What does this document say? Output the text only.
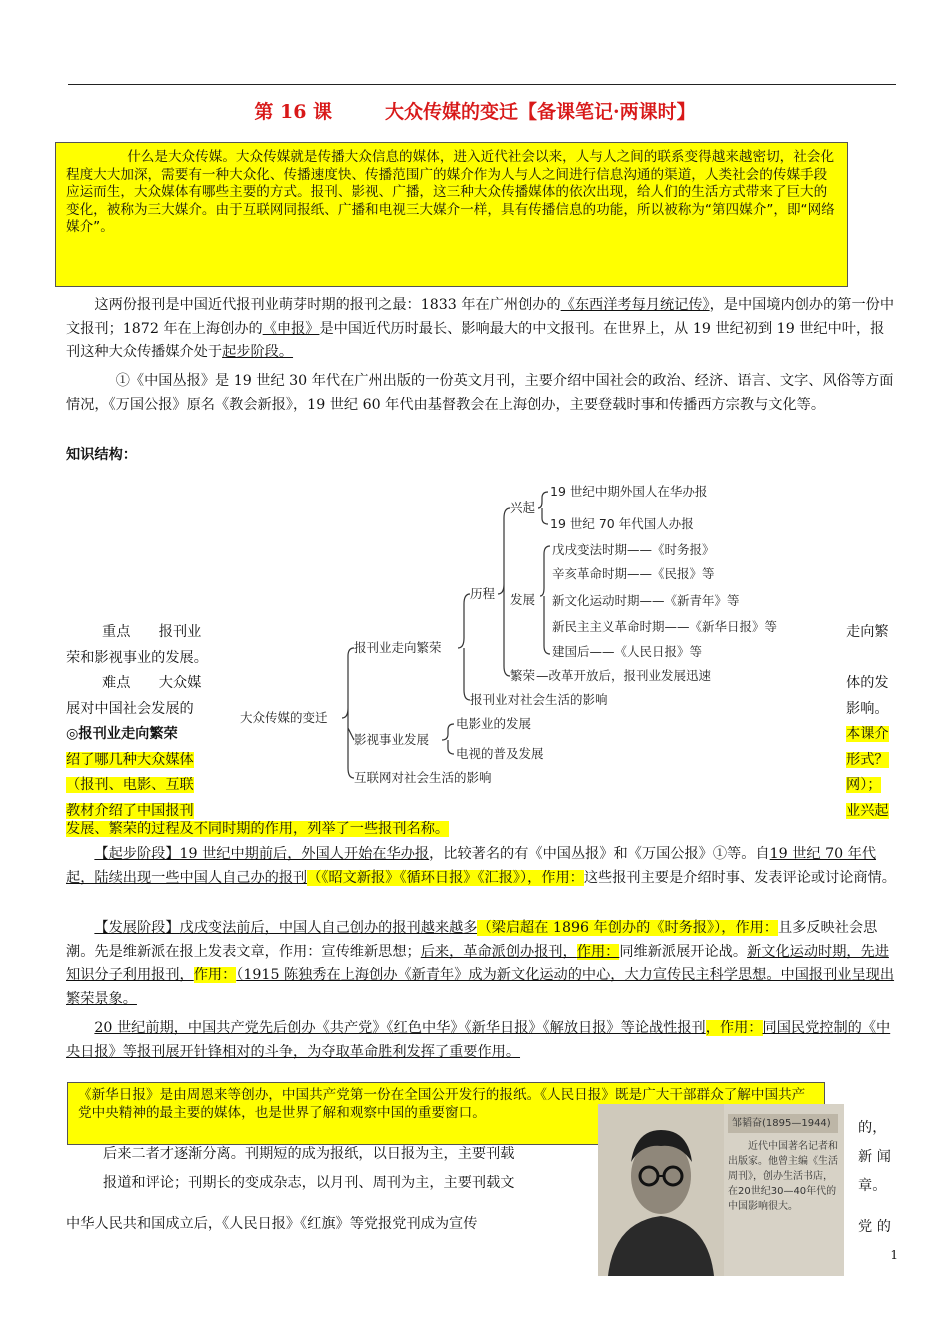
第 16 课        大众传媒的变迁【备课笔记·两课时】
什么是大众传媒。大众传媒就是传播大众信息的媒体，进入近代社会以来，人与人之间的联系变得越来越密切，社会化程度大大加深，需要有一种大众化、传播速度快、传播范围广的媒介作为人与人之间进行信息沟通的渠道，人类社会的传媒手段应运而生，大众媒体有哪些主要的方式。报刊、影视、广播，这三种大众传播媒体的依次出现，给人们的生活方式带来了巨大的变化，被称为三大媒介。由于互联网同报纸、广播和电视三大媒介一样，具有传播信息的功能，所以被称为“第四媒介”，即“网络媒介”。
这两份报刊是中国近代报刊业萌芽时期的报刊之最：1833 年在广州创办的《东西洋考每月统记传》，是中国境内创办的第一份中文报刊；1872 年在上海创办的《申报》是中国近代历时最长、影响最大的中文报刊。在世界上，从 19 世纪初到 19 世纪中叶，报刊这种大众传播媒介处于起步阶段。
①《中国丛报》是 19 世纪 30 年代在广州出版的一份英文月刊，主要介绍中国社会的政治、经济、语言、文字、风俗等方面情况，《万国公报》原名《教会新报》，19 世纪 60 年代由基督教会在上海创办，主要登载时事和传播西方宗教与文化等。
知识结构：
重点　　报刊业
荣和影视事业的发展。
难点　　大众媒
展对中国社会发展的
◎报刊业走向繁荣
绍了哪几种大众媒体
（报刊、电影、互联
教材介绍了中国报刊
走向繁
体的发
影响。
本课介
形式？
网）；
业兴起
大众传媒的变迁
报刊业走向繁荣
影视事业发展
互联网对社会生活的影响
历程
报刊业对社会生活的影响
兴起
发展
繁荣 —改革开放后，报刊业发展迅速
19 世纪中期外国人在华办报
19 世纪 70 年代国人办报
戊戌变法时期——《时务报》
辛亥革命时期——《民报》等
新文化运动时期——《新青年》等
新民主主义革命时期——《新华日报》等
建国后——《人民日报》等
电影业的发展
电视的普及发展
发展、繁荣的过程及不同时期的作用，列举了一些报刊名称。
【起步阶段】19 世纪中期前后，外国人开始在华办报，比较著名的有《中国丛报》和《万国公报》①等。自19 世纪 70 年代起，陆续出现一些中国人自己办的报刊（《昭文新报》《循环日报》《汇报》），作用：这些报刊主要是介绍时事、发表评论或讨论商情。
【发展阶段】戊戌变法前后，中国人自己创办的报刊越来越多（梁启超在 1896 年创办的《时务报》），作用：且多反映社会思潮。先是维新派在报上发表文章，作用：宣传维新思想；后来，革命派创办报刊，作用：同维新派展开论战。新文化运动时期，先进知识分子利用报刊，作用：（1915 陈独秀在上海创办《新青年》成为新文化运动的中心，大力宣传民主科学思想。中国报刊业呈现出繁荣景象。
20 世纪前期，中国共产党先后创办《共产党》《红色中华》《新华日报》《解放日报》等论战性报刊，作用：同国民党控制的《中央日报》等报刊展开针锋相对的斗争，为夺取革命胜利发挥了重要作用。
《新华日报》是由周恩来等创办，中国共产党第一份在全国公开发行的报纸。《人民日报》既是广大干部群众了解中国共产党中央精神的最主要的媒体，也是世界了解和观察中国的重要窗口。
后来二者才逐渐分离。刊期短的成为报纸，以日报为主，主要刊载
报道和评论；刊期长的变成杂志，以月刊、周刊为主，主要刊载文
中华人民共和国成立后，《人民日报》《红旗》等党报党刊成为宣传
的，
新 闻
章。
党 的
邹韬奋(1895—1944)
近代中国著名记者和出版家。他曾主编《生活周刊》，创办生活书店，在20世纪30—40年代的中国影响很大。
1
